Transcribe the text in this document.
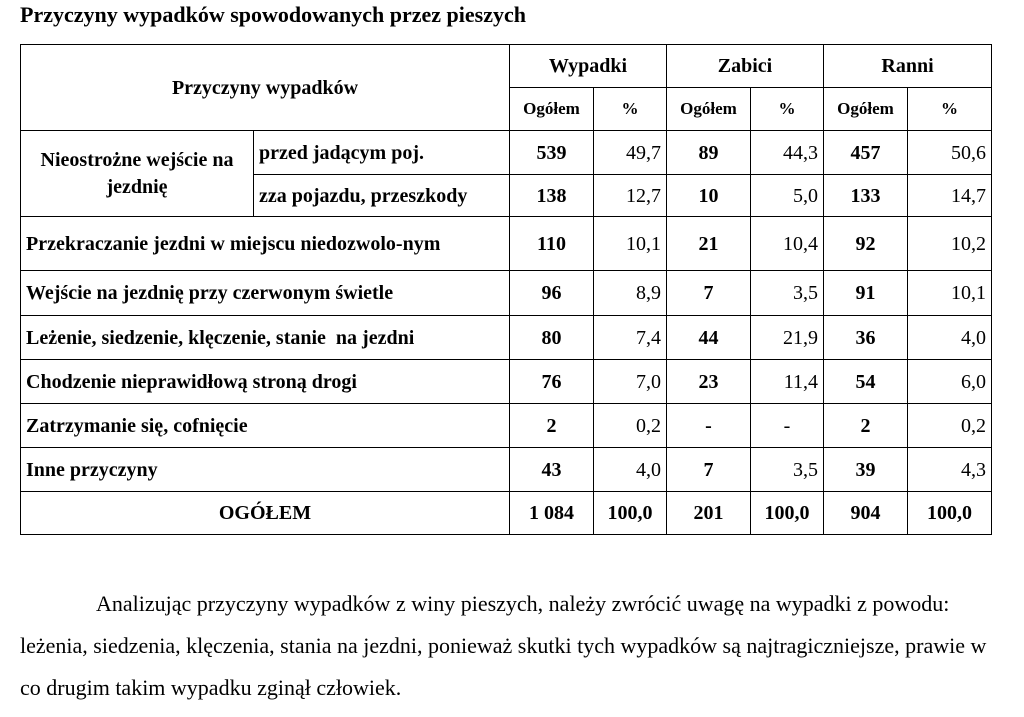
Przyczyny wypadków spowodowanych przez pieszych
Przyczyny wypadków		Wypadki		Zabici		Ranni	
		Ogółem	%	Ogółem	%	Ogółem	%
Nieostrożne wejście na jezdnię	przed jadącym poj.	539	49,7	89	44,3	457	50,6
	zza pojazdu, przeszkody	138	12,7	10	5,0	133	14,7
Przekraczanie jezdni w miejscu niedozwolo-nym		110	10,1	21	10,4	92	10,2
Wejście na jezdnię przy czerwonym świetle		96	8,9	7	3,5	91	10,1
Leżenie, siedzenie, klęczenie, stanie  na jezdni		80	7,4	44	21,9	36	4,0
Chodzenie nieprawidłową stroną drogi		76	7,0	23	11,4	54	6,0
Zatrzymanie się, cofnięcie		2	0,2	-	-	2	0,2
Inne przyczyny		43	4,0	7	3,5	39	4,3
OGÓŁEM		1 084	100,0	201	100,0	904	100,0
Analizując przyczyny wypadków z winy pieszych, należy zwrócić uwagę na wypadki z powodu: leżenia, siedzenia, klęczenia, stania na jezdni, ponieważ skutki tych wypadków są najtragiczniejsze, prawie w co drugim takim wypadku zginął człowiek.
